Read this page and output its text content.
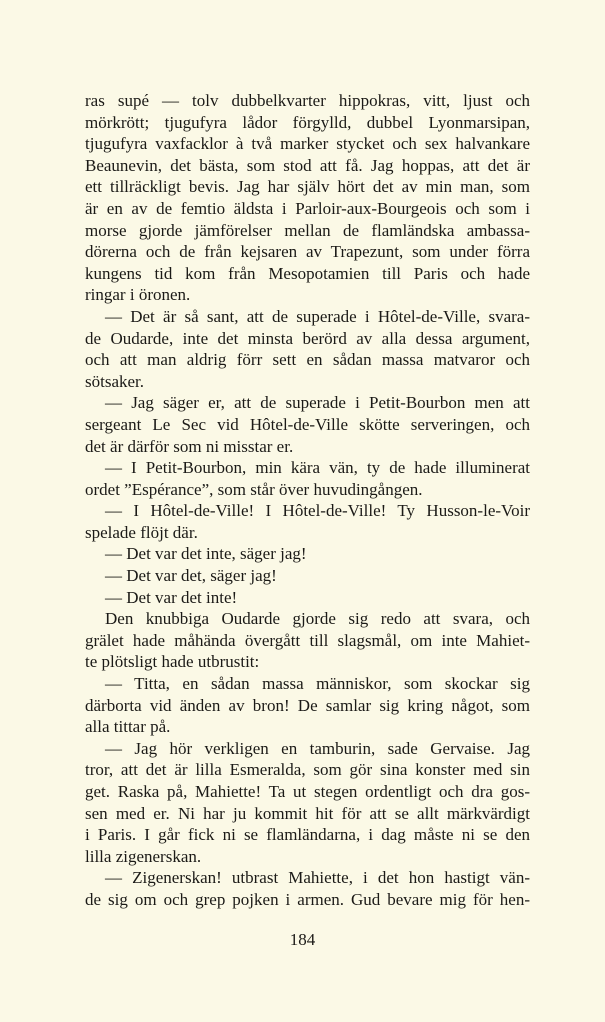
ras supé — tolv dubbelkvarter hippokras, vitt, ljust och
mörkrött; tjugufyra lådor förgylld, dubbel Lyonmarsipan,
tjugufyra vaxfacklor à två marker stycket och sex halvankare
Beaunevin, det bästa, som stod att få. Jag hoppas, att det är
ett tillräckligt bevis. Jag har själv hört det av min man, som
är en av de femtio äldsta i Parloir-aux-Bourgeois och som i
morse gjorde jämförelser mellan de flamländska ambassa-
dörerna och de från kejsaren av Trapezunt, som under förra
kungens tid kom från Mesopotamien till Paris och hade
ringar i öronen.
— Det är så sant, att de superade i Hôtel-de-Ville, svara-
de Oudarde, inte det minsta berörd av alla dessa argument,
och att man aldrig förr sett en sådan massa matvaror och
sötsaker.
— Jag säger er, att de superade i Petit-Bourbon men att
sergeant Le Sec vid Hôtel-de-Ville skötte serveringen, och
det är därför som ni misstar er.
— I Petit-Bourbon, min kära vän, ty de hade illuminerat
ordet ”Espérance”, som står över huvudingången.
— I Hôtel-de-Ville! I Hôtel-de-Ville! Ty Husson-le-Voir
spelade flöjt där.
— Det var det inte, säger jag!
— Det var det, säger jag!
— Det var det inte!
Den knubbiga Oudarde gjorde sig redo att svara, och
grälet hade måhända övergått till slagsmål, om inte Mahiet-
te plötsligt hade utbrustit:
— Titta, en sådan massa människor, som skockar sig
därborta vid änden av bron! De samlar sig kring något, som
alla tittar på.
— Jag hör verkligen en tamburin, sade Gervaise. Jag
tror, att det är lilla Esmeralda, som gör sina konster med sin
get. Raska på, Mahiette! Ta ut stegen ordentligt och dra gos-
sen med er. Ni har ju kommit hit för att se allt märkvärdigt
i Paris. I går fick ni se flamländarna, i dag måste ni se den
lilla zigenerskan.
— Zigenerskan! utbrast Mahiette, i det hon hastigt vän-
de sig om och grep pojken i armen. Gud bevare mig för hen-
184
